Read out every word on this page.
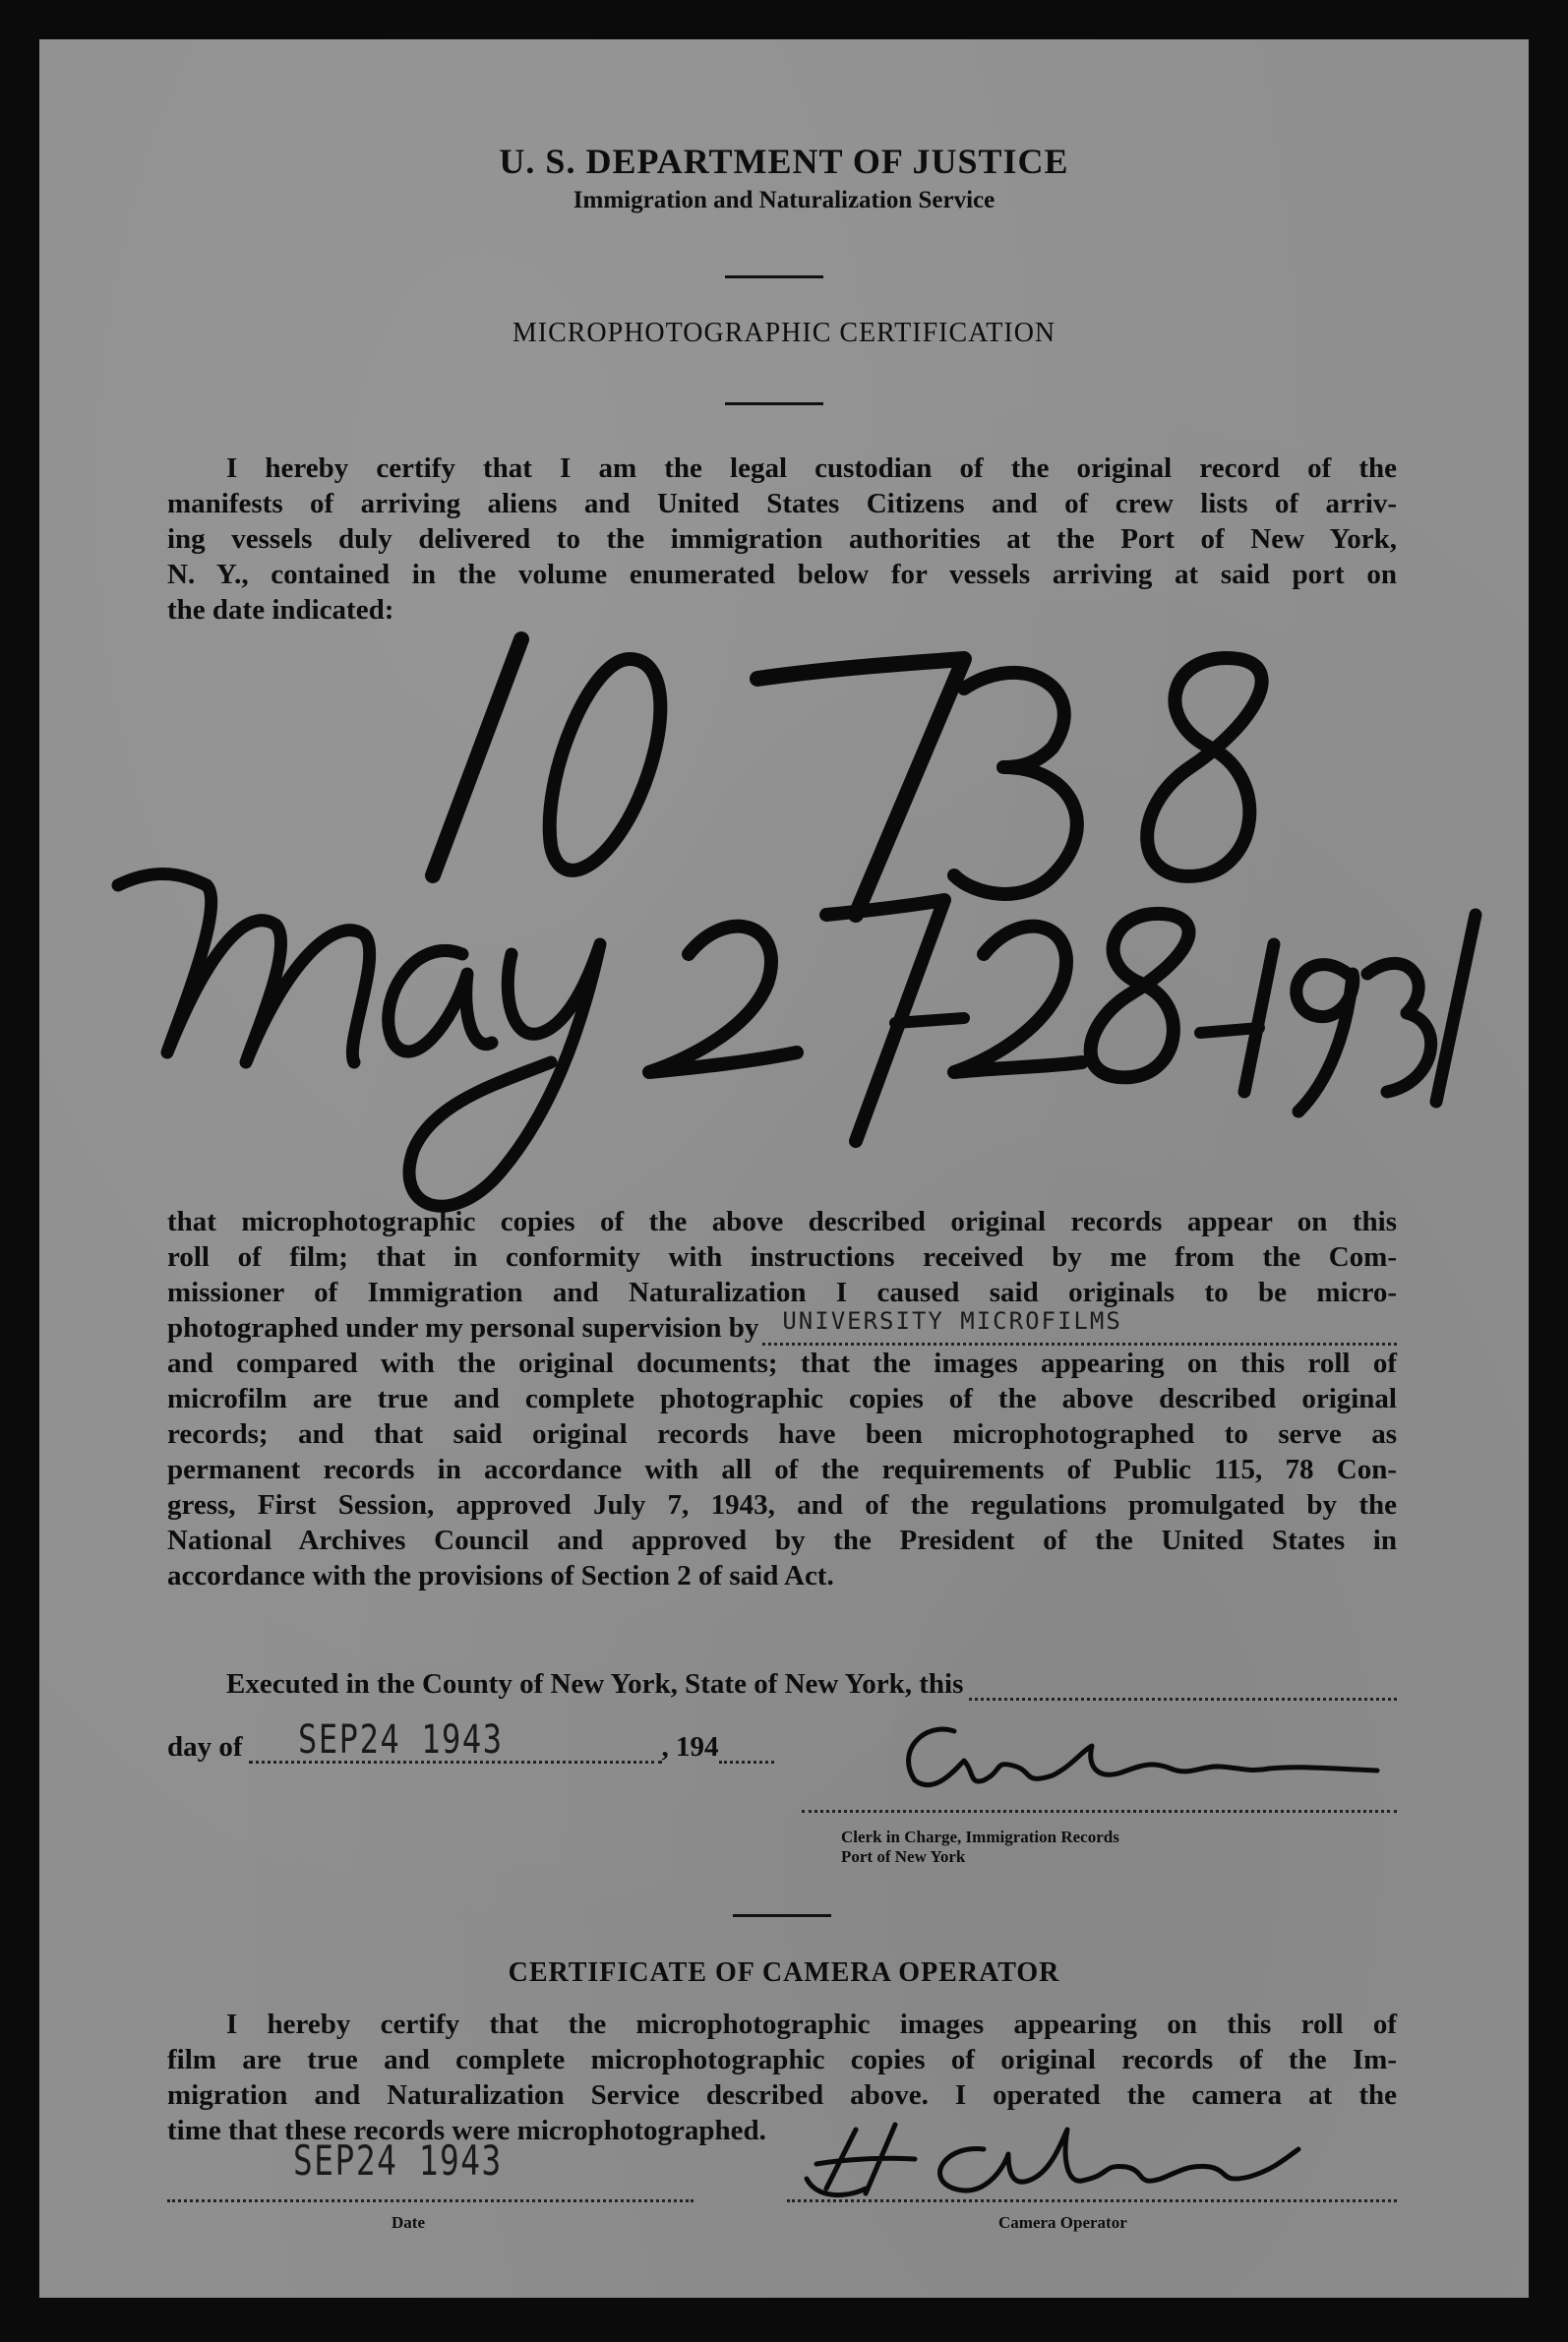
U. S. DEPARTMENT OF JUSTICE
Immigration and Naturalization Service
MICROPHOTOGRAPHIC CERTIFICATION
I hereby certify that I am the legal custodian of the original record of the
manifests of arriving aliens and United States Citizens and of crew lists of arriv-
ing vessels duly delivered to the immigration authorities at the Port of New York,
N. Y., contained in the volume enumerated below for vessels arriving at said port on
the date indicated:
that microphotographic copies of the above described original records appear on this
roll of film; that in conformity with instructions received by me from the Com-
missioner of Immigration and Naturalization I caused said originals to be micro-
photographed under my personal supervision by UNIVERSITY MICROFILMS
and compared with the original documents; that the images appearing on this roll of
microfilm are true and complete photographic copies of the above described original
records; and that said original records have been microphotographed to serve as
permanent records in accordance with all of the requirements of Public 115, 78 Con-
gress, First Session, approved July 7, 1943, and of the regulations promulgated by the
National Archives Council and approved by the President of the United States in
accordance with the provisions of Section 2 of said Act.
Executed in the County of New York, State of New York, this
day of SEP24 1943	, 194
Clerk in Charge, Immigration Records
Port of New York
CERTIFICATE OF CAMERA OPERATOR
I hereby certify that the microphotographic images appearing on this roll of
film are true and complete microphotographic copies of original records of the Im-
migration and Naturalization Service described above. I operated the camera at the
time that these records were microphotographed.
SEP24 1943
Date	Camera Operator
